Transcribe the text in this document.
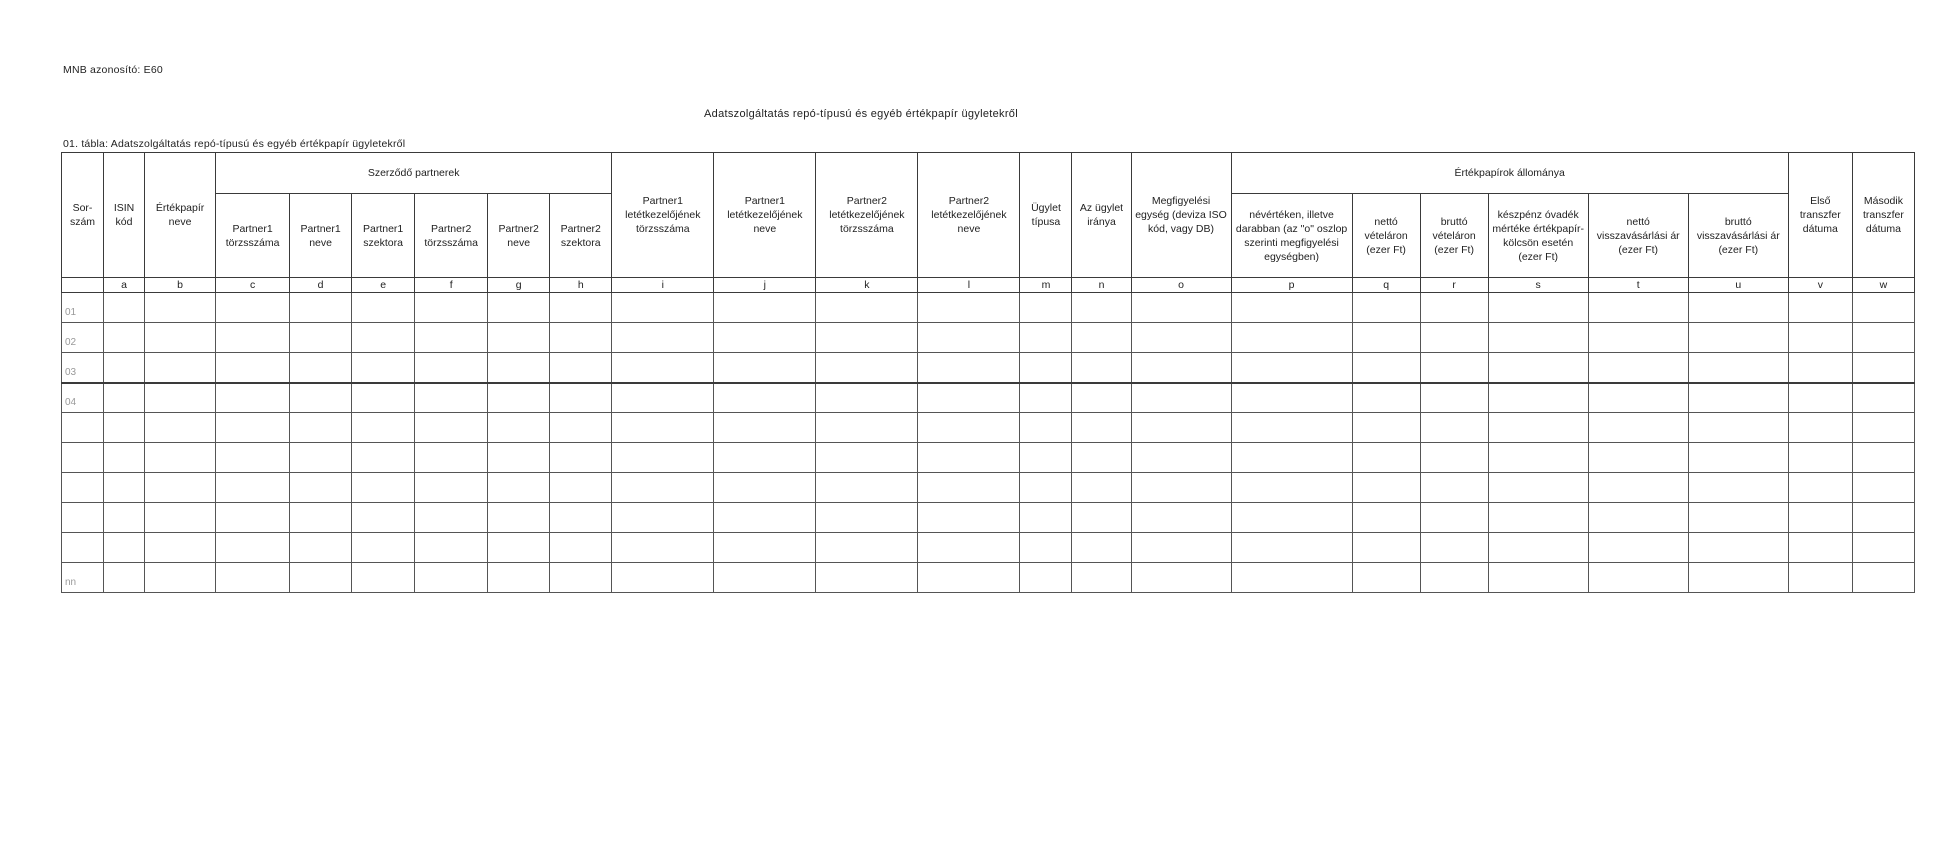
MNB azonosító: E60
Adatszolgáltatás repó-típusú és egyéb értékpapír ügyletekről
01. tábla: Adatszolgáltatás repó-típusú és egyéb értékpapír ügyletekről
Sor-szám	ISIN kód	Értékpapír neve	Szerződő partnerek						Partner1 letétkezelőjének törzsszáma	Partner1 letétkezelőjének neve	Partner2 letétkezelőjének törzsszáma	Partner2 letétkezelőjének neve	Ügylet típusa	Az ügylet iránya	Megfigyelési egység (deviza ISO kód, vagy DB)	Értékpapírok állománya						Első transzfer dátuma	Második transzfer dátuma
			Partner1 törzsszáma	Partner1 neve	Partner1 szektora	Partner2 törzsszáma	Partner2 neve	Partner2 szektora								névértéken, illetve darabban (az "o" oszlop szerinti megfigyelési egységben)	nettó vételáron (ezer Ft)	bruttó vételáron (ezer Ft)	készpénz óvadék mértéke értékpapír-kölcsön esetén (ezer Ft)	nettó visszavásárlási ár (ezer Ft)	bruttó visszavásárlási ár (ezer Ft)		
	a	b	c	d	e	f	g	h	i	j	k	l	m	n	o	p	q	r	s	t	u	v	w
01																							
02																							
03																							
04																							

nn																							
